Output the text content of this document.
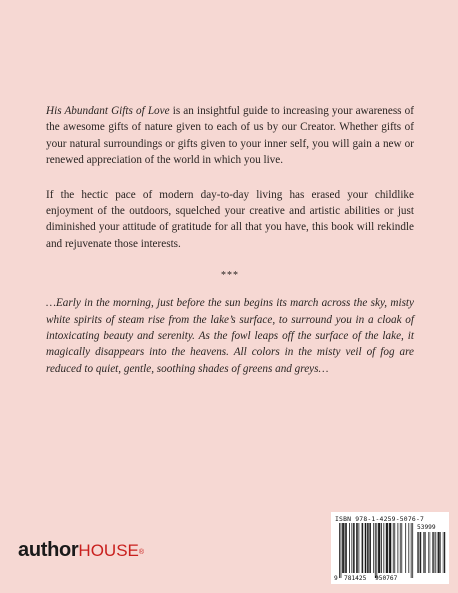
His Abundant Gifts of Love is an insightful guide to increasing your awareness of the awesome gifts of nature given to each of us by our Creator. Whether gifts of your natural surroundings or gifts given to your inner self, you will gain a new or renewed appreciation of the world in which you live.

If the hectic pace of modern day-to-day living has erased your childlike enjoyment of the outdoors, squelched your creative and artistic abilities or just diminished your attitude of gratitude for all that you have, this book will rekindle and rejuvenate those interests.

***

…Early in the morning, just before the sun begins its march across the sky, misty white spirits of steam rise from the lake’s surface, to surround you in a cloak of intoxicating beauty and serenity. As the fowl leaps off the surface of the lake, it magically disappears into the heavens. All colors in the misty veil of fog are reduced to quiet, gentle, soothing shades of greens and greys…

authorHOUSE®
ISBN 978-1-4259-5076-7
53999
9 781425 950767
